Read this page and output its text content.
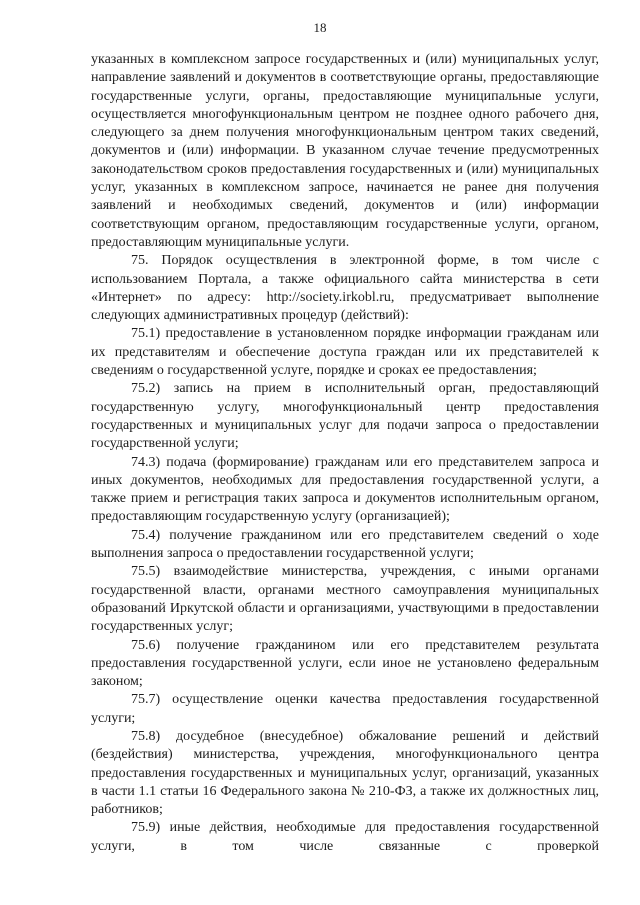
18

указанных в комплексном запросе государственных и (или) муниципальных услуг, направление заявлений и документов в соответствующие органы, предоставляющие государственные услуги, органы, предоставляющие муниципальные услуги, осуществляется многофункциональным центром не позднее одного рабочего дня, следующего за днем получения многофункциональным центром таких сведений, документов и (или) информации. В указанном случае течение предусмотренных законодательством сроков предоставления государственных и (или) муниципальных услуг, указанных в комплексном запросе, начинается не ранее дня получения заявлений и необходимых сведений, документов и (или) информации соответствующим органом, предоставляющим государственные услуги, органом, предоставляющим муниципальные услуги.

75. Порядок осуществления в электронной форме, в том числе с использованием Портала, а также официального сайта министерства в сети «Интернет» по адресу: http://society.irkobl.ru, предусматривает выполнение следующих административных процедур (действий):

75.1) предоставление в установленном порядке информации гражданам или их представителям и обеспечение доступа граждан или их представителей к сведениям о государственной услуге, порядке и сроках ее предоставления;

75.2) запись на прием в исполнительный орган, предоставляющий государственную услугу, многофункциональный центр предоставления государственных и муниципальных услуг для подачи запроса о предоставлении государственной услуги;

74.3) подача (формирование) гражданам или его представителем запроса и иных документов, необходимых для предоставления государственной услуги, а также прием и регистрация таких запроса и документов исполнительным органом, предоставляющим государственную услугу (организацией);

75.4) получение гражданином или его представителем сведений о ходе выполнения запроса о предоставлении государственной услуги;

75.5) взаимодействие министерства, учреждения, с иными органами государственной власти, органами местного самоуправления муниципальных образований Иркутской области и организациями, участвующими в предоставлении государственных услуг;

75.6) получение гражданином или его представителем результата предоставления государственной услуги, если иное не установлено федеральным законом;

75.7) осуществление оценки качества предоставления государственной услуги;

75.8) досудебное (внесудебное) обжалование решений и действий (бездействия) министерства, учреждения, многофункционального центра предоставления государственных и муниципальных услуг, организаций, указанных в части 1.1 статьи 16 Федерального закона № 210-ФЗ, а также их должностных лиц, работников;

75.9) иные действия, необходимые для предоставления государственной услуги, в том числе связанные с проверкой
